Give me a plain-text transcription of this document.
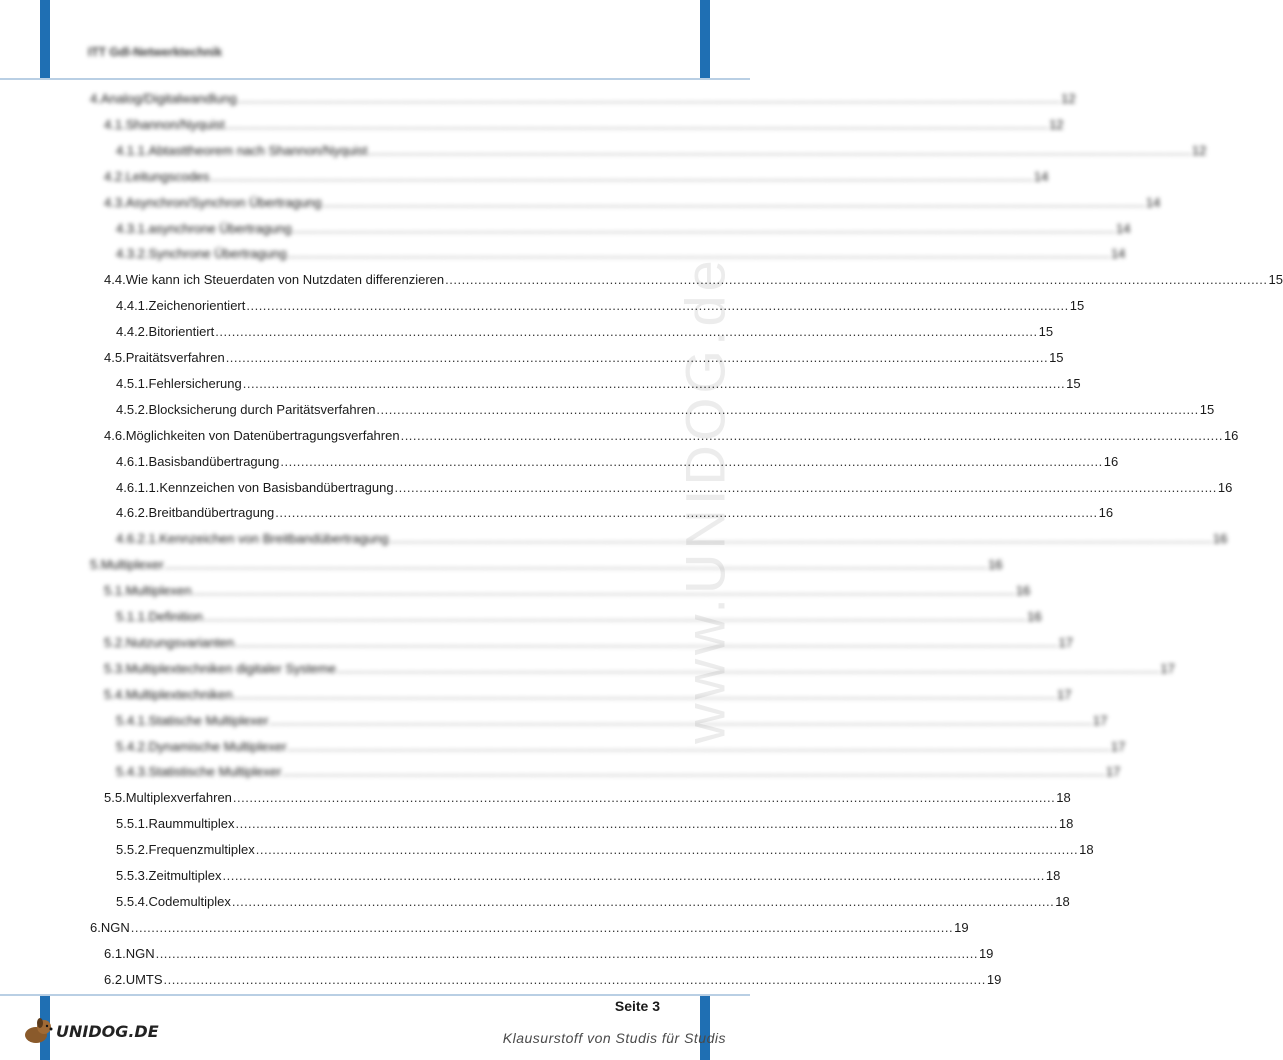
ITT Gdl-Netwerktechnik
www.UNIDOG.de
4. Analog/Digitalwandlung ........................................................................................................................................................................................................ 12
4.1. Shannon/Nyquist ........................................................................................................................................................................................................ 12
4.1.1. Abtasttheorem nach Shannon/Nyquist ........................................................................................................................................................................................................ 12
4.2. Leitungscodes ........................................................................................................................................................................................................ 14
4.3. Asynchron/Synchron Übertragung ........................................................................................................................................................................................................ 14
4.3.1. asynchrone Übertragung ........................................................................................................................................................................................................ 14
4.3.2. Synchrone Übertragung ........................................................................................................................................................................................................ 14
4.4. Wie kann ich Steuerdaten von Nutzdaten differenzieren ........................................................................................................................................................................................................ 15
4.4.1. Zeichenorientiert ........................................................................................................................................................................................................ 15
4.4.2. Bitorientiert ........................................................................................................................................................................................................ 15
4.5. Praitätsverfahren ........................................................................................................................................................................................................ 15
4.5.1. Fehlersicherung ........................................................................................................................................................................................................ 15
4.5.2. Blocksicherung durch Paritätsverfahren ........................................................................................................................................................................................................ 15
4.6. Möglichkeiten von Datenübertragungsverfahren ........................................................................................................................................................................................................ 16
4.6.1. Basisbandübertragung ........................................................................................................................................................................................................ 16
4.6.1.1. Kennzeichen von Basisbandübertragung ........................................................................................................................................................................................................ 16
4.6.2. Breitbandübertragung ........................................................................................................................................................................................................ 16
4.6.2.1. Kennzeichen von Breitbandübertragung ........................................................................................................................................................................................................ 16
5. Multiplexer ........................................................................................................................................................................................................ 16
5.1. Multiplexen ........................................................................................................................................................................................................ 16
5.1.1. Definition ........................................................................................................................................................................................................ 16
5.2. Nutzungsvarianten ........................................................................................................................................................................................................ 17
5.3. Multiplextechniken digitaler Systeme ........................................................................................................................................................................................................ 17
5.4. Multiplextechniken ........................................................................................................................................................................................................ 17
5.4.1. Statische Multiplexer ........................................................................................................................................................................................................ 17
5.4.2. Dynamische Multiplexer ........................................................................................................................................................................................................ 17
5.4.3. Statistische Multiplexer ........................................................................................................................................................................................................ 17
5.5. Multiplexverfahren ........................................................................................................................................................................................................ 18
5.5.1. Raummultiplex ........................................................................................................................................................................................................ 18
5.5.2. Frequenzmultiplex ........................................................................................................................................................................................................ 18
5.5.3. Zeitmultiplex ........................................................................................................................................................................................................ 18
5.5.4. Codemultiplex ........................................................................................................................................................................................................ 18
6. NGN ........................................................................................................................................................................................................ 19
6.1. NGN ........................................................................................................................................................................................................ 19
6.2. UMTS ........................................................................................................................................................................................................ 19
Seite 3
UNIDOG.DE	Klausurstoff von Studis für Studis
